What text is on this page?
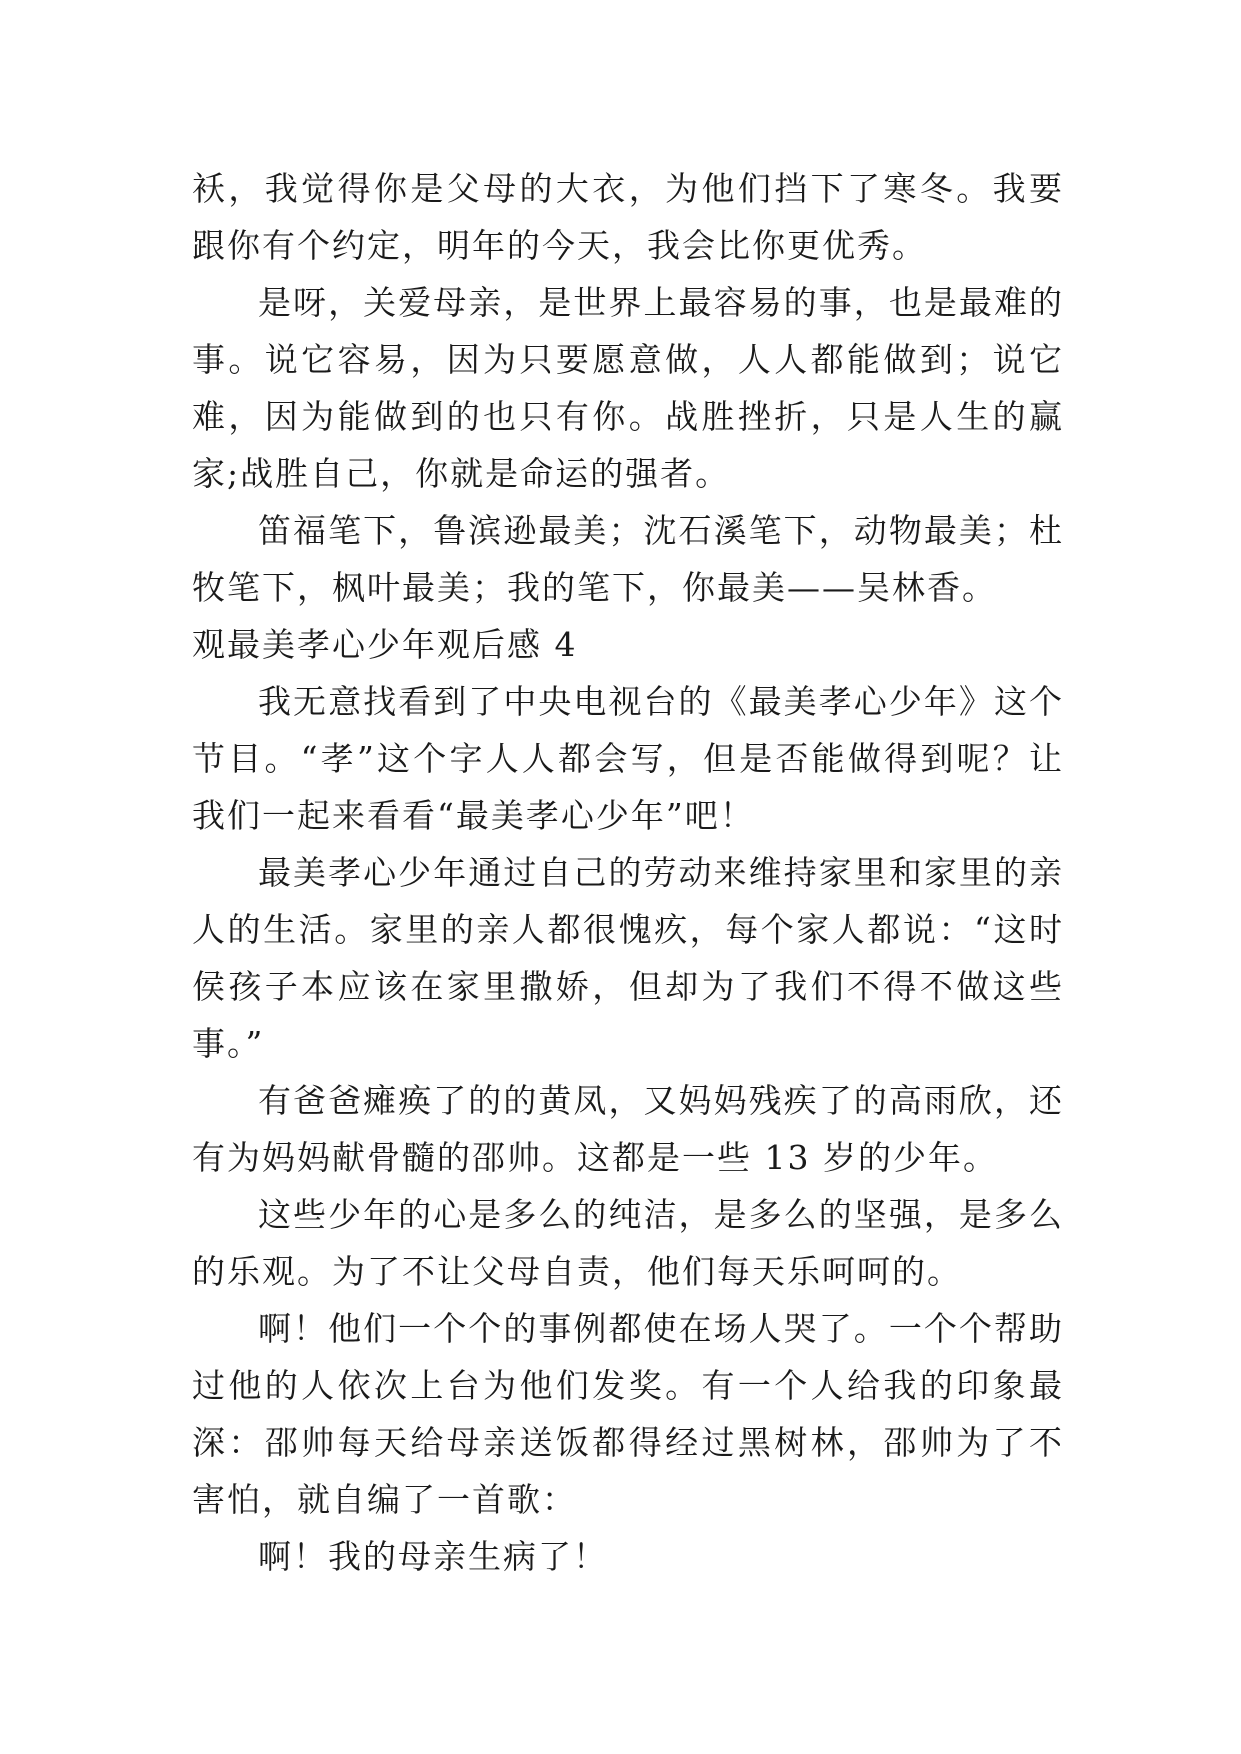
袄，我觉得你是父母的大衣，为他们挡下了寒冬。我要跟你有个约定，明年的今天，我会比你更优秀。

是呀，关爱母亲，是世界上最容易的事，也是最难的事。说它容易，因为只要愿意做，人人都能做到；说它难，因为能做到的也只有你。战胜挫折，只是人生的赢家;战胜自己，你就是命运的强者。

笛福笔下，鲁滨逊最美；沈石溪笔下，动物最美；杜牧笔下，枫叶最美；我的笔下，你最美——吴林香。

观最美孝心少年观后感 4

我无意找看到了中央电视台的《最美孝心少年》这个节目。“孝”这个字人人都会写，但是否能做得到呢？让我们一起来看看“最美孝心少年”吧！

最美孝心少年通过自己的劳动来维持家里和家里的亲人的生活。家里的亲人都很愧疚，每个家人都说：“这时侯孩子本应该在家里撒娇，但却为了我们不得不做这些事。”

有爸爸瘫痪了的的黄凤，又妈妈残疾了的高雨欣，还有为妈妈献骨髓的邵帅。这都是一些 13 岁的少年。

这些少年的心是多么的纯洁，是多么的坚强，是多么的乐观。为了不让父母自责，他们每天乐呵呵的。

啊！他们一个个的事例都使在场人哭了。一个个帮助过他的人依次上台为他们发奖。有一个人给我的印象最深：邵帅每天给母亲送饭都得经过黑树林，邵帅为了不害怕，就自编了一首歌：

啊！我的母亲生病了！
